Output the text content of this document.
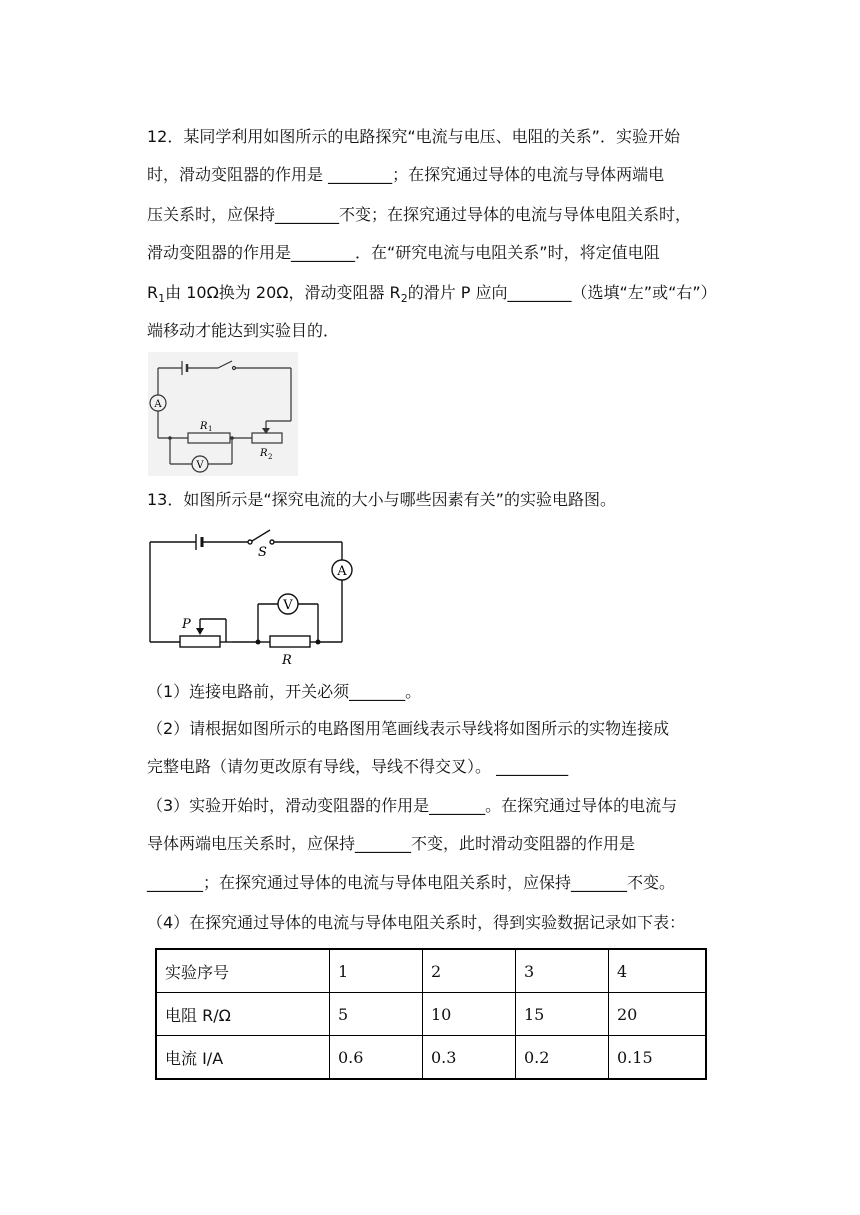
12．某同学利用如图所示的电路探究“电流与电压、电阻的关系”．实验开始
时，滑动变阻器的作用是 ________；在探究通过导体的电流与导体两端电
压关系时，应保持________不变；在探究通过导体的电流与导体电阻关系时，
滑动变阻器的作用是________．在“研究电流与电阻关系”时，将定值电阻
$R_1$由 10Ω换为 20Ω，滑动变阻器 $R_2$的滑片 P 应向________（选填“左”或“右”）
端移动才能达到实验目的．
A
V
R 1
R 2
13．如图所示是“探究电流的大小与哪些因素有关”的实验电路图。
A
V
S
P
R
（1）连接电路前，开关必须_______。
（2）请根据如图所示的电路图用笔画线表示导线将如图所示的实物连接成
完整电路（请勿更改原有导线，导线不得交叉）。 _________
（3）实验开始时，滑动变阻器的作用是_______。在探究通过导体的电流与
导体两端电压关系时，应保持_______不变，此时滑动变阻器的作用是
_______；在探究通过导体的电流与导体电阻关系时，应保持_______不变。
（4）在探究通过导体的电流与导体电阻关系时，得到实验数据记录如下表：
实验序号	1	2	3	4
电阻 R/Ω	5	10	15	20
电流 I/A	0.6	0.3	0.2	0.15
